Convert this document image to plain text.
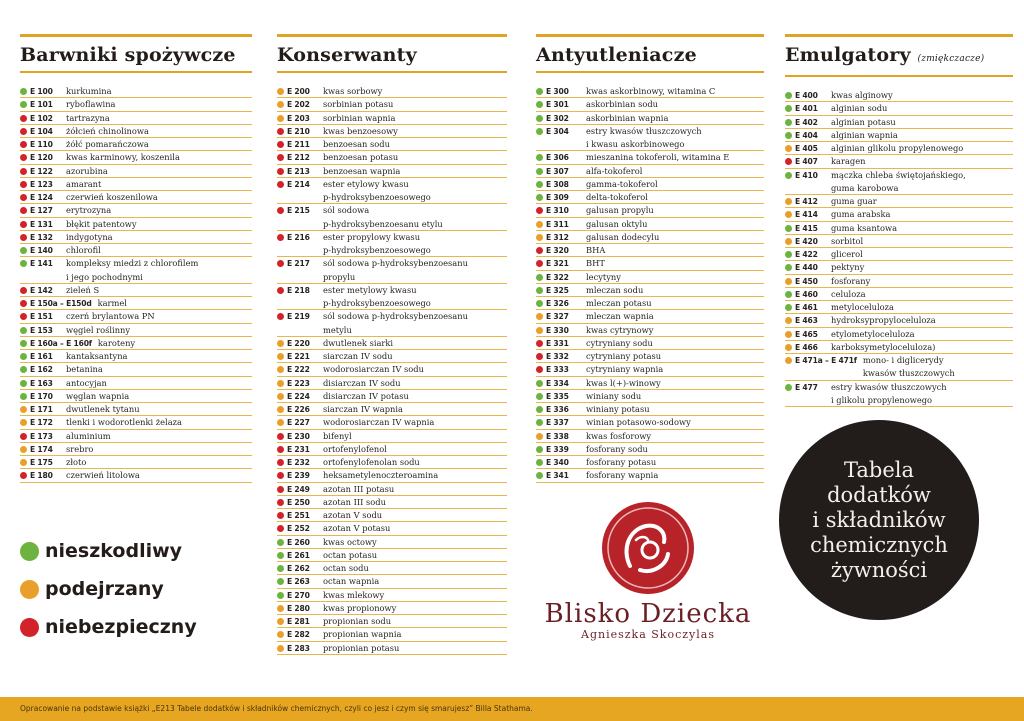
Barwniki spożywcze
E 100	kurkumina
E 101	ryboflawina
E 102	tartrazyna
E 104	żółcień chinolinowa
E 110	żółć pomarańczowa
E 120	kwas karminowy, koszenila
E 122	azorubina
E 123	amarant
E 124	czerwień koszenilowa
E 127	erytrozyna
E 131	błękit patentowy
E 132	indygotyna
E 140	chlorofil
E 141	kompleksy miedzi z chlorofilem
i jego pochodnymi
E 142	zieleń S
E 150a – E150d karmel
E 151	czerń brylantowa PN
E 153	węgiel roślinny
E 160a – E 160f karoteny
E 161	kantaksantyna
E 162	betanina
E 163	antocyjan
E 170	węglan wapnia
E 171	dwutlenek tytanu
E 172	tlenki i wodorotlenki żelaza
E 173	aluminium
E 174	srebro
E 175	złoto
E 180	czerwień litolowa
Konserwanty
E 200	kwas sorbowy
E 202	sorbinian potasu
E 203	sorbinian wapnia
E 210	kwas benzoesowy
E 211	benzoesan sodu
E 212	benzoesan potasu
E 213	benzoesan wapnia
E 214	ester etylowy kwasu
p-hydroksybenzoesowego
E 215	sól sodowa
p-hydroksybenzoesanu etylu
E 216	ester propylowy kwasu
p-hydroksybenzoesowego
E 217	sól sodowa p-hydroksybenzoesanu
propylu
E 218	ester metylowy kwasu
p-hydroksybenzoesowego
E 219	sól sodowa p-hydroksybenzoesanu
metylu
E 220	dwutlenek siarki
E 221	siarczan IV sodu
E 222	wodorosiarczan IV sodu
E 223	disiarczan IV sodu
E 224	disiarczan IV potasu
E 226	siarczan IV wapnia
E 227	wodorosiarczan IV wapnia
E 230	bifenyl
E 231	ortofenylofenol
E 232	ortofenylofenolan sodu
E 239	heksametylenoczteroamina
E 249	azotan III potasu
E 250	azotan III sodu
E 251	azotan V sodu
E 252	azotan V potasu
E 260	kwas octowy
E 261	octan potasu
E 262	octan sodu
E 263	octan wapnia
E 270	kwas mlekowy
E 280	kwas propionowy
E 281	propionian sodu
E 282	propionian wapnia
E 283	propionian potasu
Antyutleniacze
E 300	kwas askorbinowy, witamina C
E 301	askorbinian sodu
E 302	askorbinian wapnia
E 304	estry kwasów tłuszczowych
i kwasu askorbinowego
E 306	mieszanina tokoferoli, witamina E
E 307	alfa-tokoferol
E 308	gamma-tokoferol
E 309	delta-tokoferol
E 310	galusan propylu
E 311	galusan oktylu
E 312	galusan dodecylu
E 320	BHA
E 321	BHT
E 322	lecytyny
E 325	mleczan sodu
E 326	mleczan potasu
E 327	mleczan wapnia
E 330	kwas cytrynowy
E 331	cytryniany sodu
E 332	cytryniany potasu
E 333	cytryniany wapnia
E 334	kwas l(+)-winowy
E 335	winiany sodu
E 336	winiany potasu
E 337	winian potasowo-sodowy
E 338	kwas fosforowy
E 339	fosforany sodu
E 340	fosforany potasu
E 341	fosforany wapnia
Emulgatory (zmiękczacze)
E 400	kwas alginowy
E 401	alginian sodu
E 402	alginian potasu
E 404	alginian wapnia
E 405	alginian glikolu propylenowego
E 407	karagen
E 410	mączka chleba świętojańskiego,
guma karobowa
E 412	guma guar
E 414	guma arabska
E 415	guma ksantowa
E 420	sorbitol
E 422	glicerol
E 440	pektyny
E 450	fosforany
E 460	celuloza
E 461	metyloceluloza
E 463	hydroksypropyloceluloza
E 465	etylometyloceluloza
E 466	karboksymetyloceluloza)
E 471a – E 471f mono- i diglicerydy
kwasów tłuszczowych
E 477	estry kwasów tłuszczowych
i glikolu propylenowego
nieszkodliwy
podejrzany
niebezpieczny	Blisko Dziecka
Agnieszka Skoczylas
Tabela
dodatków
i składników
chemicznych
żywności
Opracowanie na podstawie książki „E213 Tabele dodatków i składników chemicznych, czyli co jesz i czym się smarujesz” Billa Stathama.
